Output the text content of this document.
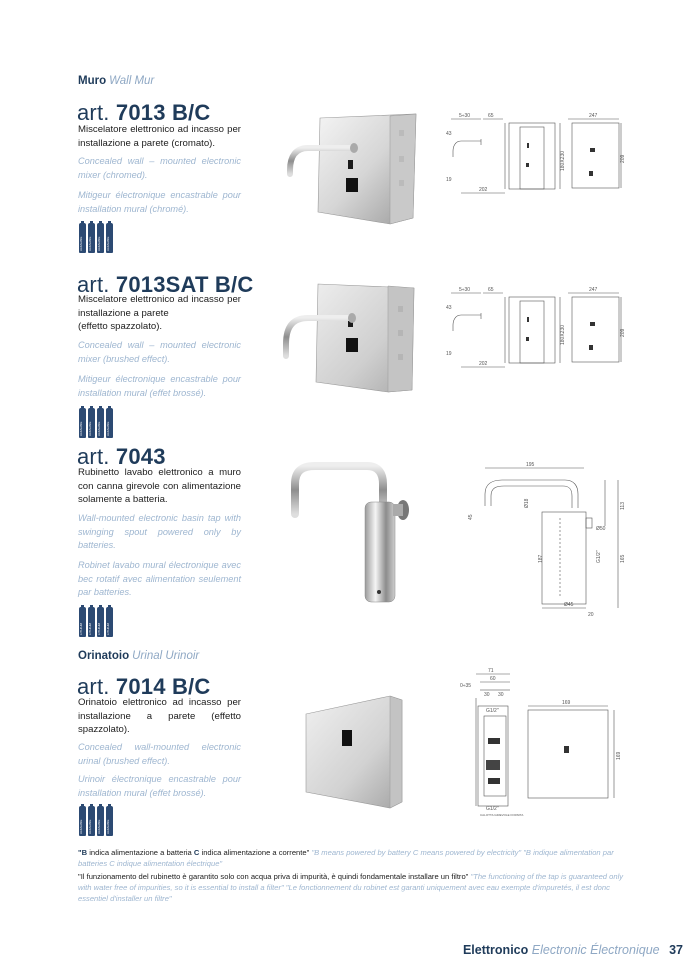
Muro Wall Mur
art. 7013 B/C
Miscelatore elettronico ad incasso per installazione a parete (cromato).
Concealed wall – mounted electronic mixer (chromed).
Mitigeur électronique encastrable pour installation mural (chromé).
ALKALINE	ALKALINE	ALKALINE	ALKALINE
5÷30	65	247
43
180X230	209
19
202
art. 7013SAT B/C
Miscelatore elettronico ad incasso per installazione a parete
(effetto spazzolato).
Concealed wall – mounted electronic mixer (brushed effect).
Mitigeur électronique encastrable pour installation mural (effet brossé).
ALKALINE	ALKALINE	ALKALINE	ALKALINE
5÷30	65	247
43
180X230	209
19
202
art. 7043
Rubinetto lavabo elettronico a muro con canna girevole con alimentazione solamente a batteria.
Wall-mounted electronic basin tap with swinging spout powered only by batteries.
Robinet lavabo mural électronique avec bec rotatif avec alimentation seulement par batteries.
LITHIUM	LITHIUM	LITHIUM	LITHIUM
195
Ø18
45
113
Ø50
187	G1/2"	165
Ø45
20
Orinatoio Urinal Urinoir
art. 7014 B/C
Orinatoio elettronico ad incasso per installazione a parete (effetto spazzolato).
Concealed wall-mounted electronic urinal (brushed effect).
Urinoir électronique encastrable pour installation mural (effet brossé).
ALKALINE	ALKALINE	ALKALINE	ALKALINE
71
60
0÷35
30 30
G1/2"
169
169
G1/2"
CALOTTA GIREVOLE FORNITA
"B indica alimentazione a batteria C indica alimentazione a corrente" "B means powered by battery C means powered by electricity" "B indique alimentation par batteries C indique alimentation électrique"
"Il funzionamento del rubinetto è garantito solo con acqua priva di impurità, è quindi fondamentale installare un filtro" "The functioning of the tap is guaranteed only with water free of impurities, so it is essential to install a filter" "Le fonctionnement du robinet est garanti uniquement avec eau exempte d'impuretés, il est donc essentiel d'installer un filtre"
Elettronico Electronic Électronique 37
